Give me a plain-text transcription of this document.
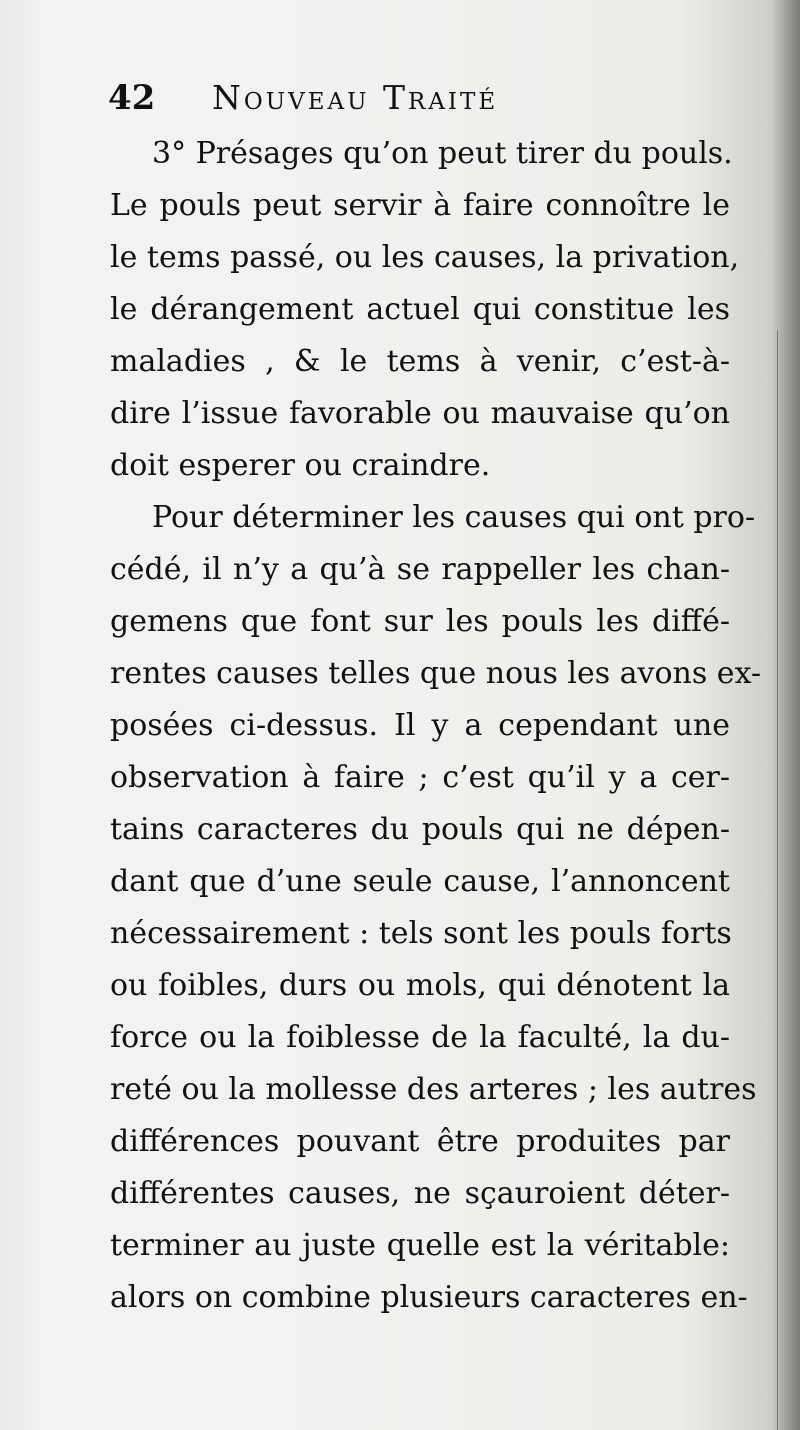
42 Nouveau Traité
3° Présages qu’on peut tirer du pouls.
Le pouls peut servir à faire connoître le
le tems passé, ou les causes, la privation,
le dérangement actuel qui constitue les
maladies , & le tems à venir, c’est-à-
dire l’issue favorable ou mauvaise qu’on
doit esperer ou craindre.
Pour déterminer les causes qui ont pro-
cédé, il n’y a qu’à se rappeller les chan-
gemens que font sur les pouls les diffé-
rentes causes telles que nous les avons ex-
posées ci-dessus. Il y a cependant une
observation à faire ; c’est qu’il y a cer-
tains caracteres du pouls qui ne dépen-
dant que d’une seule cause, l’annoncent
nécessairement : tels sont les pouls forts
ou foibles, durs ou mols, qui dénotent la
force ou la foiblesse de la faculté, la du-
reté ou la mollesse des arteres ; les autres
différences pouvant être produites par
différentes causes, ne sçauroient déter-
terminer au juste quelle est la véritable:
alors on combine plusieurs caracteres en-
